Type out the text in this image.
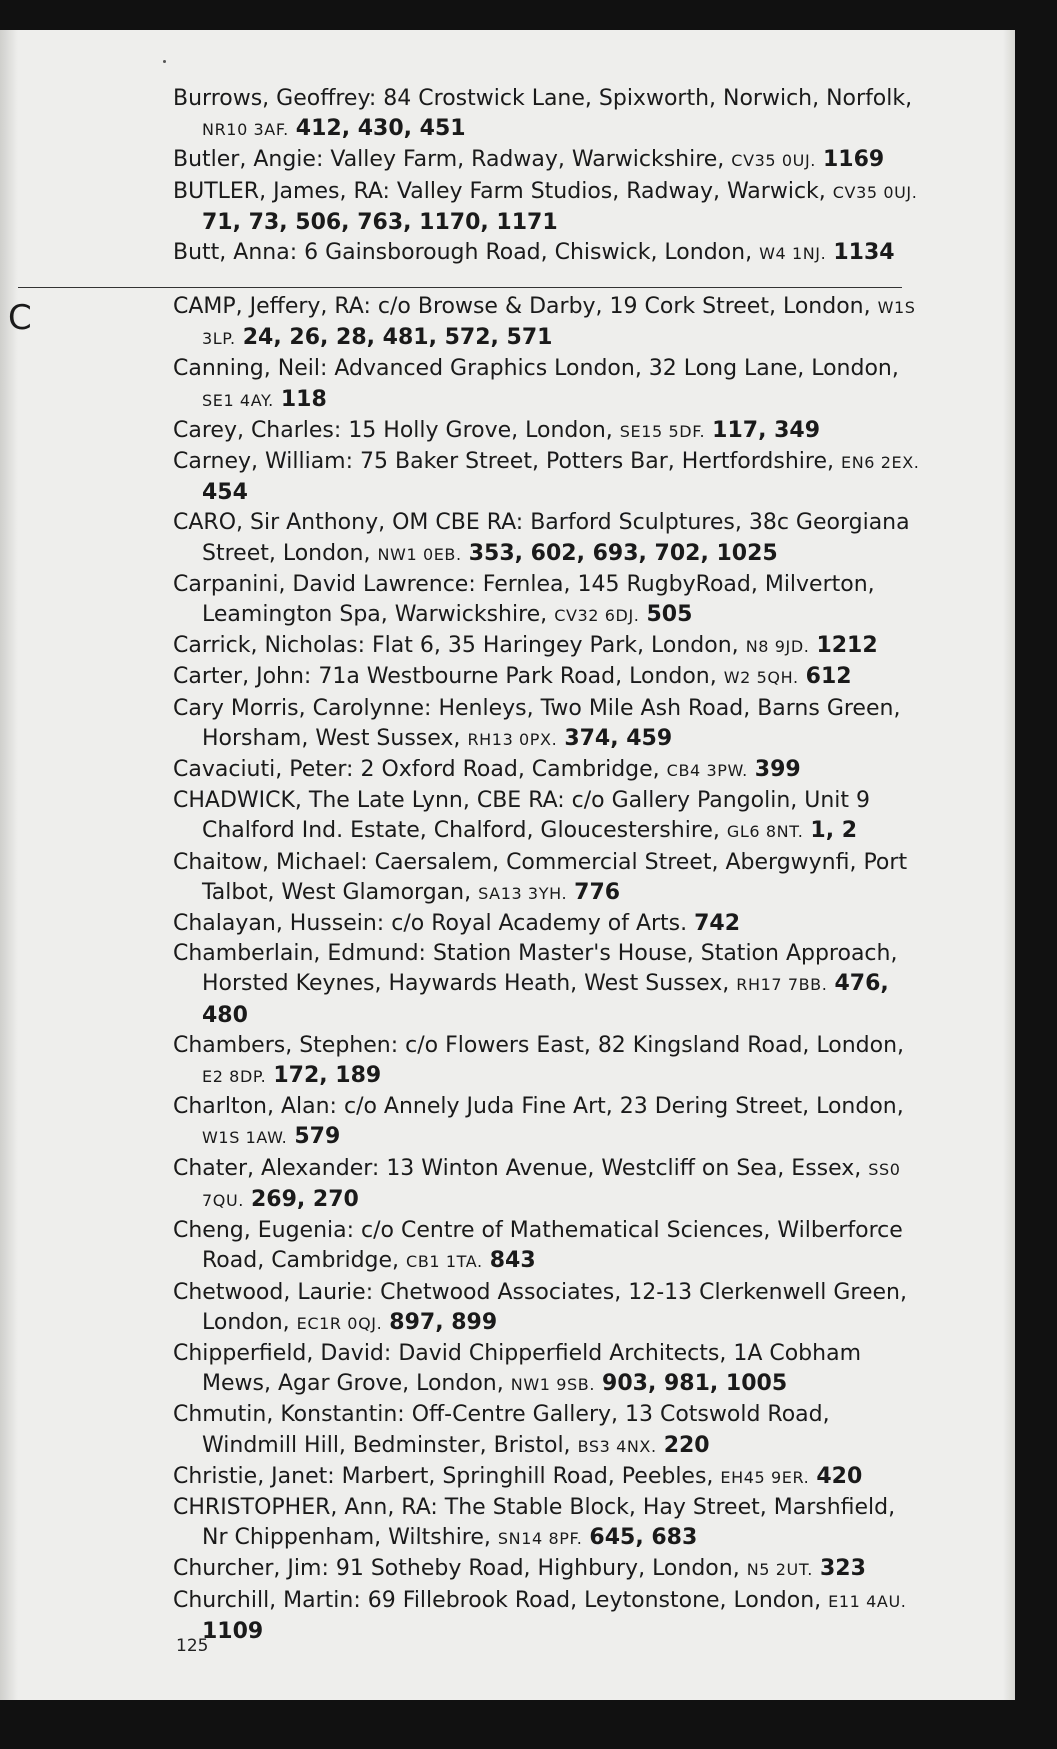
Burrows, Geoffrey: 84 Crostwick Lane, Spixworth, Norwich, Norfolk, NR10 3AF. 412, 430, 451

Butler, Angie: Valley Farm, Radway, Warwickshire, CV35 0UJ. 1169

BUTLER, James, RA: Valley Farm Studios, Radway, Warwick, CV35 0UJ. 71, 73, 506, 763, 1170, 1171

Butt, Anna: 6 Gainsborough Road, Chiswick, London, W4 1NJ. 1134

C	CAMP, Jeffery, RA: c/o Browse & Darby, 19 Cork Street, London, W1S 3LP. 24, 26, 28, 481, 572, 571

Canning, Neil: Advanced Graphics London, 32 Long Lane, London, SE1 4AY. 118

Carey, Charles: 15 Holly Grove, London, SE15 5DF. 117, 349

Carney, William: 75 Baker Street, Potters Bar, Hertfordshire, EN6 2EX. 454

CARO, Sir Anthony, OM CBE RA: Barford Sculptures, 38c Georgiana Street, London, NW1 0EB. 353, 602, 693, 702, 1025

Carpanini, David Lawrence: Fernlea, 145 RugbyRoad, Milverton, Leamington Spa, Warwickshire, CV32 6DJ. 505

Carrick, Nicholas: Flat 6, 35 Haringey Park, London, N8 9JD. 1212

Carter, John: 71a Westbourne Park Road, London, W2 5QH. 612

Cary Morris, Carolynne: Henleys, Two Mile Ash Road, Barns Green, Horsham, West Sussex, RH13 0PX. 374, 459

Cavaciuti, Peter: 2 Oxford Road, Cambridge, CB4 3PW. 399

CHADWICK, The Late Lynn, CBE RA: c/o Gallery Pangolin, Unit 9 Chalford Ind. Estate, Chalford, Gloucestershire, GL6 8NT. 1, 2

Chaitow, Michael: Caersalem, Commercial Street, Abergwynfi, Port Talbot, West Glamorgan, SA13 3YH. 776

Chalayan, Hussein: c/o Royal Academy of Arts. 742

Chamberlain, Edmund: Station Master's House, Station Approach, Horsted Keynes, Haywards Heath, West Sussex, RH17 7BB. 476, 480

Chambers, Stephen: c/o Flowers East, 82 Kingsland Road, London, E2 8DP. 172, 189

Charlton, Alan: c/o Annely Juda Fine Art, 23 Dering Street, London, W1S 1AW. 579

Chater, Alexander: 13 Winton Avenue, Westcliff on Sea, Essex, SS0 7QU. 269, 270

Cheng, Eugenia: c/o Centre of Mathematical Sciences, Wilberforce Road, Cambridge, CB1 1TA. 843

Chetwood, Laurie: Chetwood Associates, 12-13 Clerkenwell Green, London, EC1R 0QJ. 897, 899

Chipperfield, David: David Chipperfield Architects, 1A Cobham Mews, Agar Grove, London, NW1 9SB. 903, 981, 1005

Chmutin, Konstantin: Off-Centre Gallery, 13 Cotswold Road, Windmill Hill, Bedminster, Bristol, BS3 4NX. 220

Christie, Janet: Marbert, Springhill Road, Peebles, EH45 9ER. 420

CHRISTOPHER, Ann, RA: The Stable Block, Hay Street, Marshfield, Nr Chippenham, Wiltshire, SN14 8PF. 645, 683

Churcher, Jim: 91 Sotheby Road, Highbury, London, N5 2UT. 323

Churchill, Martin: 69 Fillebrook Road, Leytonstone, London, E11 4AU. 1109

125
